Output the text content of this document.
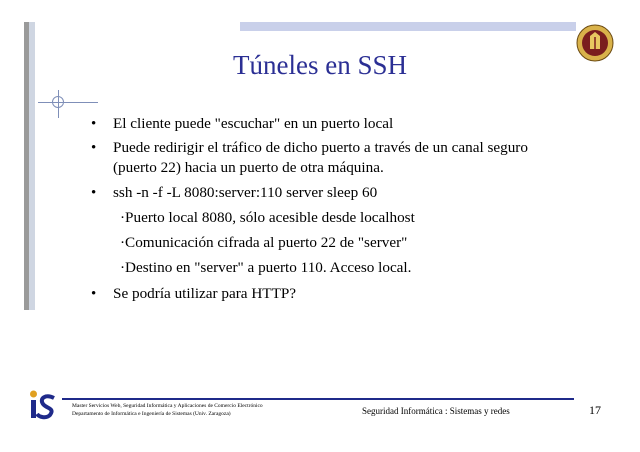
Túneles en SSH
• El cliente puede "escuchar" en un puerto local
• Puede redirigir el tráfico de dicho puerto a través de un canal seguro
(puerto 22) hacia un puerto de otra máquina.
• ssh -n -f -L 8080:server:110 server sleep 60
·Puerto local 8080, sólo acesible desde localhost
·Comunicación cifrada al puerto 22 de "server"
·Destino en "server" a puerto 110. Acceso local.
• Se podría utilizar para HTTP?
Master Servicios Web, Seguridad Informática y Aplicaciones de Comercio Electrónico
Departamento de Informática e Ingeniería de Sistemas (Univ. Zaragoza)	Seguridad Informática : Sistemas y redes	17
